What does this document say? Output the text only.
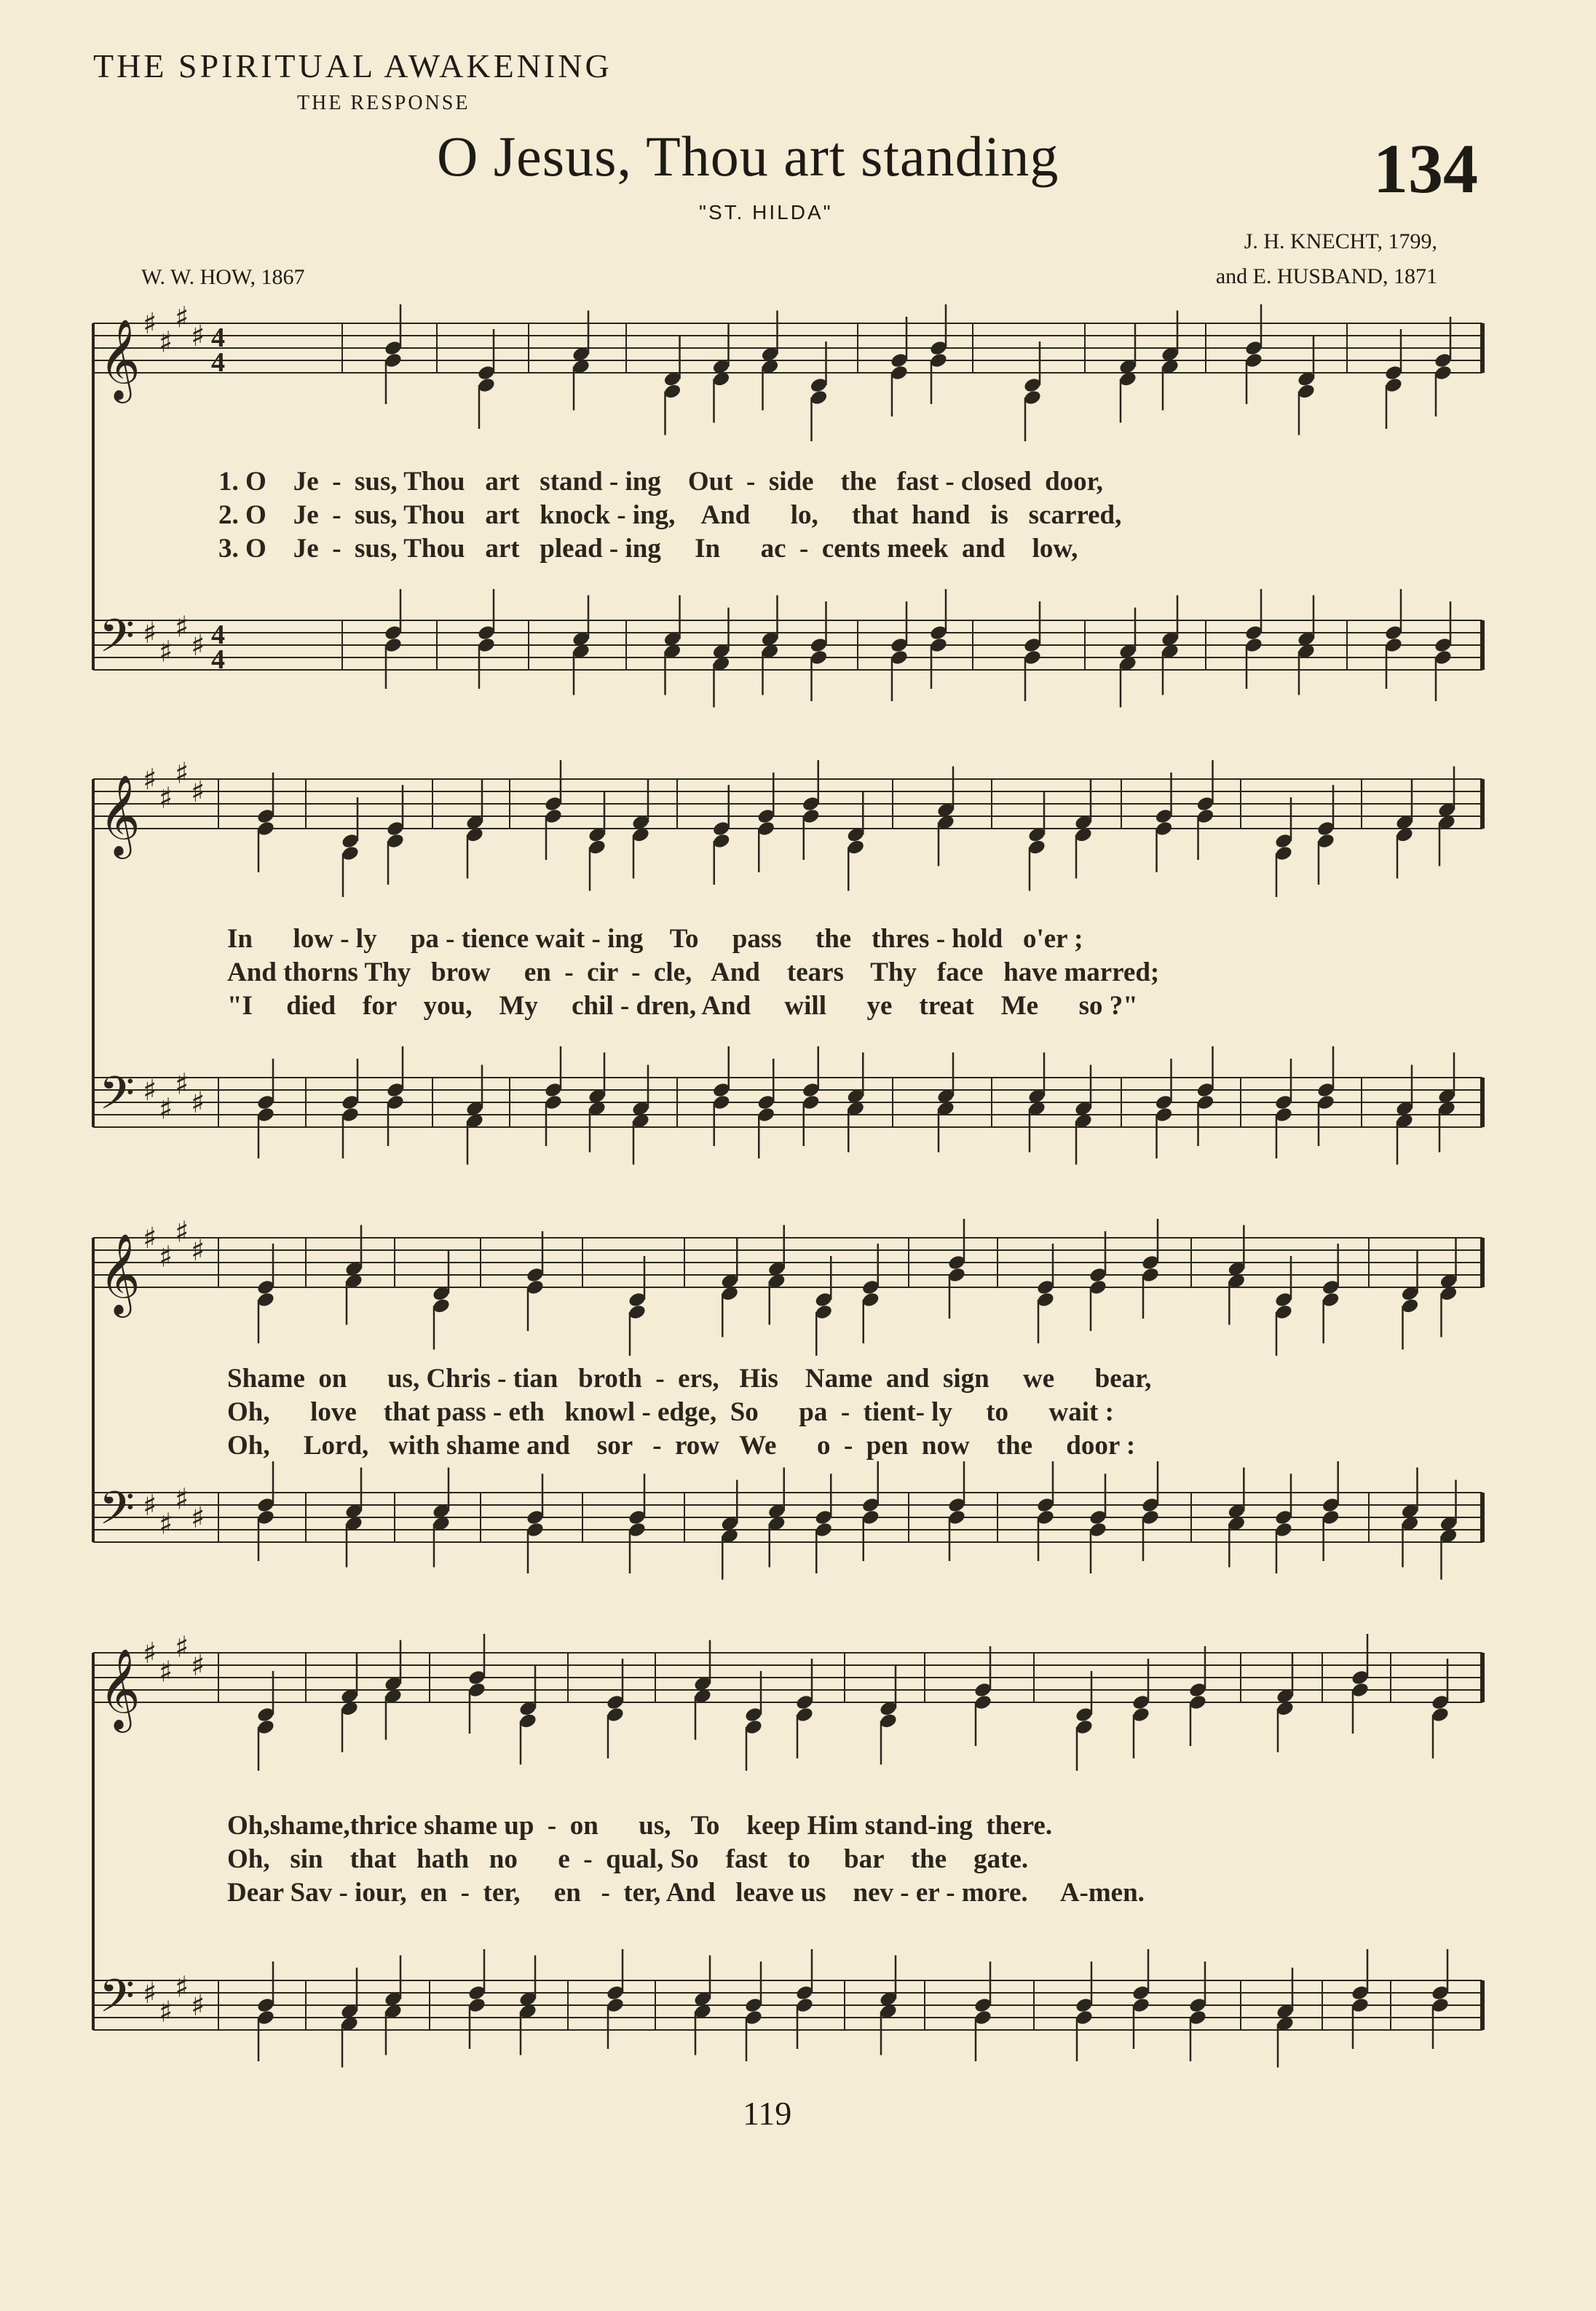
THE SPIRITUAL AWAKENING
THE RESPONSE
O Jesus, Thou art standing	134
"ST. HILDA"
J. H. KNECHT, 1799,
and E. HUSBAND, 1871
W. W. HOW, 1867
𝄞
𝄢
♯
♯
♯
♯
♯
♯
♯
♯
4
4
4
4
𝄞
𝄢
♯
♯
♯
♯
♯
♯
♯
♯
𝄞
𝄢
♯
♯
♯
♯
♯
♯
♯
♯
𝄞
𝄢
♯
♯
♯
♯
♯
♯
♯
♯
119
1. O    Je  -  sus, Thou   art   stand - ing    Out  -  side    the   fast - closed  door,
2. O    Je  -  sus, Thou   art   knock - ing,    And      lo,     that  hand   is   scarred,
3. O    Je  -  sus, Thou   art   plead - ing     In      ac  -  cents meek  and    low,
In      low - ly     pa - tience wait - ing    To     pass     the   thres - hold   o'er ;
And thorns Thy   brow     en  -  cir  -  cle,   And    tears    Thy   face   have marred;
"I     died    for    you,    My     chil - dren, And     will      ye    treat    Me      so ?"
Shame  on      us, Chris - tian   broth  -  ers,   His    Name  and  sign     we      bear,
Oh,      love    that pass - eth   knowl - edge,  So      pa  -  tient- ly     to      wait :
Oh,     Lord,   with shame and    sor   -  row   We      o  -  pen  now    the     door :
Oh,shame,thrice shame up  -  on      us,   To    keep Him stand-ing  there.
Oh,   sin    that   hath   no      e  -  qual, So    fast   to     bar    the    gate.
Dear Sav - iour,  en  -  ter,     en   -  ter, And   leave us    nev - er - more.     A-men.
